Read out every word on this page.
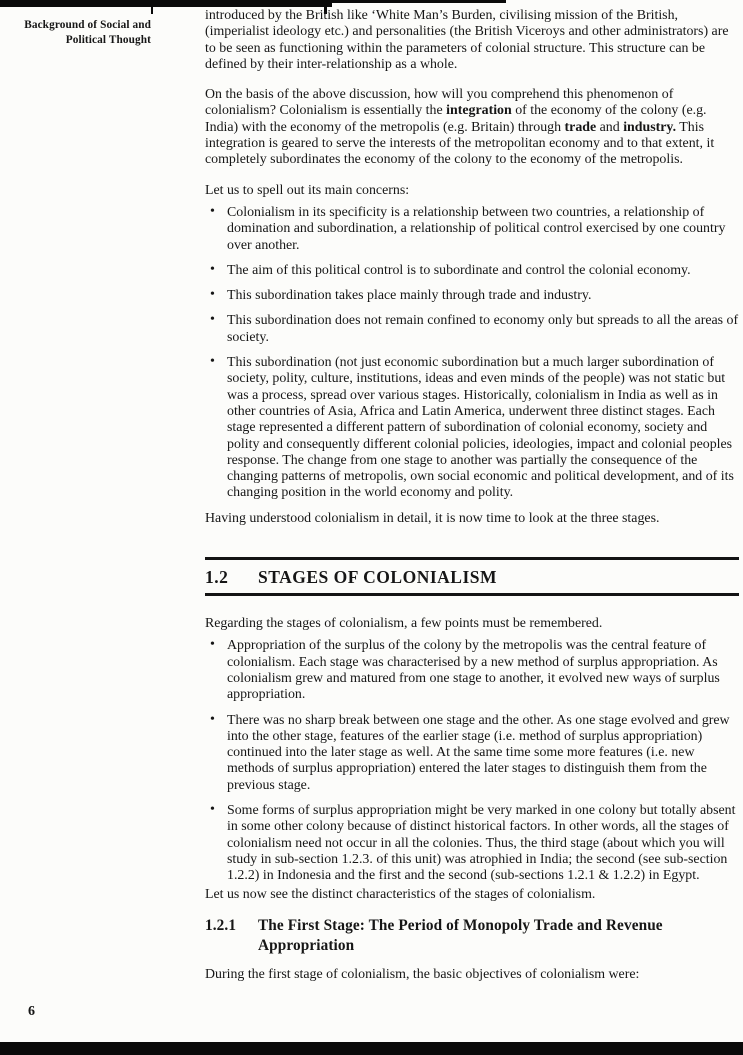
Background of Social and
Political Thought
6

introduced by the British like ‘White Man’s Burden, civilising mission of the British, (imperialist ideology etc.) and personalities (the British Viceroys and other administrators) are to be seen as functioning within the parameters of colonial structure. This structure can be defined by their inter-relationship as a whole.

On the basis of the above discussion, how will you comprehend this phenomenon of colonialism? Colonialism is essentially the integration of the economy of the colony (e.g. India) with the economy of the metropolis (e.g. Britain) through trade and industry. This integration is geared to serve the interests of the metropolitan economy and to that extent, it completely subordinates the economy of the colony to the economy of the metropolis.

Let us to spell out its main concerns:

• Colonialism in its specificity is a relationship between two countries, a relationship of domination and subordination, a relationship of political control exercised by one country over another.
• The aim of this political control is to subordinate and control the colonial economy.
• This subordination takes place mainly through trade and industry.
• This subordination does not remain confined to economy only but spreads to all the areas of society.
• This subordination (not just economic subordination but a much larger subordination of society, polity, culture, institutions, ideas and even minds of the people) was not static but was a process, spread over various stages. Historically, colonialism in India as well as in other countries of Asia, Africa and Latin America, underwent three distinct stages. Each stage represented a different pattern of subordination of colonial economy, society and polity and consequently different colonial policies, ideologies, impact and colonial peoples response. The change from one stage to another was partially the consequence of the changing patterns of metropolis, own social economic and political development, and of its changing position in the world economy and polity.

Having understood colonialism in detail, it is now time to look at the three stages.

1.2	STAGES OF COLONIALISM

Regarding the stages of colonialism, a few points must be remembered.

• Appropriation of the surplus of the colony by the metropolis was the central feature of colonialism. Each stage was characterised by a new method of surplus appropriation. As colonialism grew and matured from one stage to another, it evolved new ways of surplus appropriation.
• There was no sharp break between one stage and the other. As one stage evolved and grew into the other stage, features of the earlier stage (i.e. method of surplus appropriation) continued into the later stage as well. At the same time some more features (i.e. new methods of surplus appropriation) entered the later stages to distinguish them from the previous stage.
• Some forms of surplus appropriation might be very marked in one colony but totally absent in some other colony because of distinct historical factors. In other words, all the stages of colonialism need not occur in all the colonies. Thus, the third stage (about which you will study in sub-section 1.2.3. of this unit) was atrophied in India; the second (see sub-section 1.2.2) in Indonesia and the first and the second (sub-sections 1.2.1 & 1.2.2) in Egypt.

Let us now see the distinct characteristics of the stages of colonialism.

1.2.1	The First Stage: The Period of Monopoly Trade and Revenue
Appropriation

During the first stage of colonialism, the basic objectives of colonialism were:
